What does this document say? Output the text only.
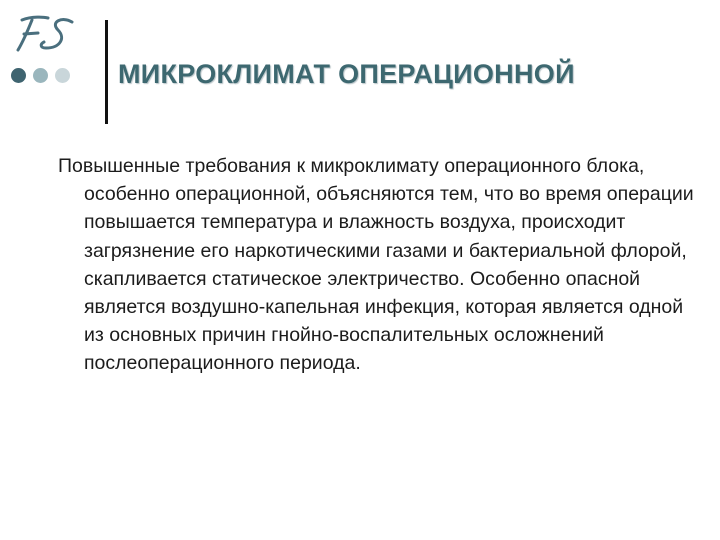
МИКРОКЛИМАТ ОПЕРАЦИОННОЙ

Повышенные требования к микроклимату операционного блока, особенно операционной, объясняются тем, что во время операции повышается температура и влажность воздуха, происходит загрязнение его наркотическими газами и бактериальной флорой, скапливается статическое электричество. Особенно опасной является воздушно-капельная инфекция, которая является одной из основных причин гнойно-воспалительных осложнений послеоперационного периода.
